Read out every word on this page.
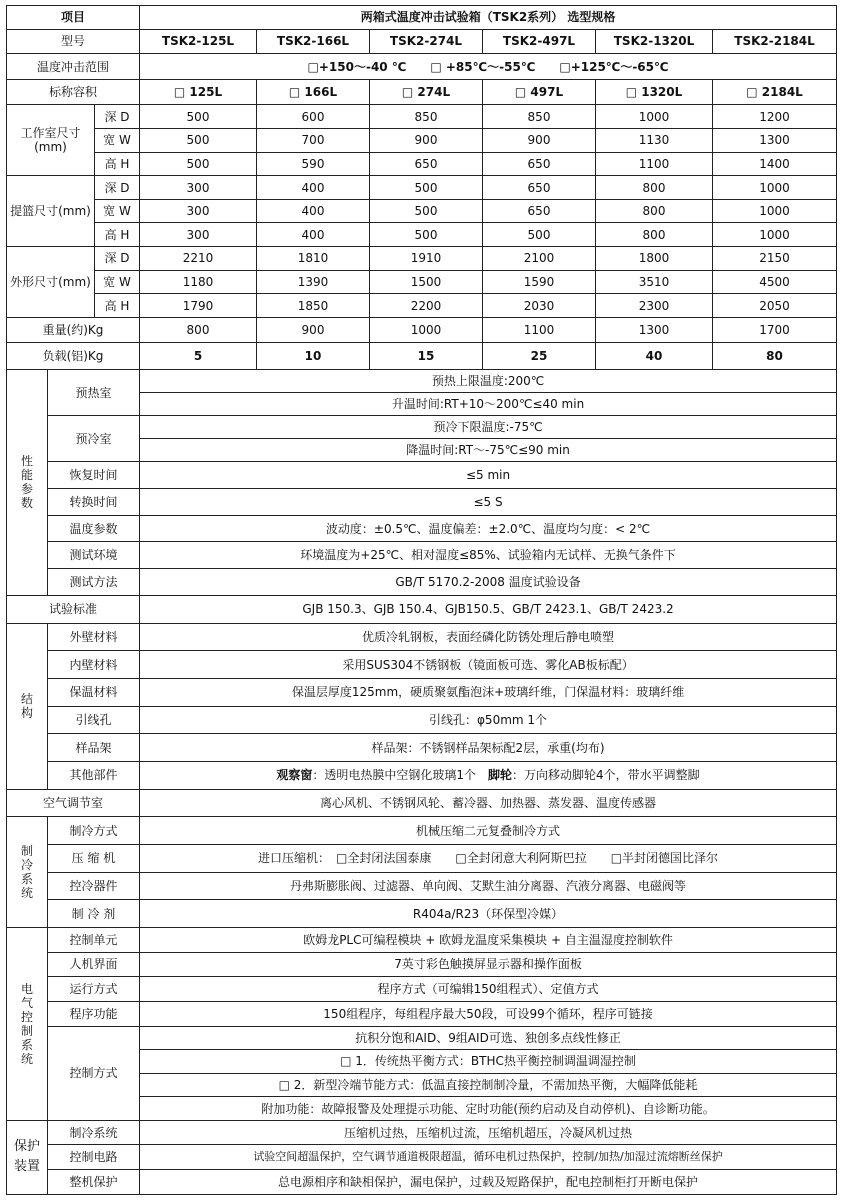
项目			两箱式温度冲击试验箱（TSK2系列） 选型规格					
型号			TSK2-125L	TSK2-166L	TSK2-274L	TSK2-497L	TSK2-1320L	TSK2-2184L
温度冲击范围			□+150～-40 ℃　　□ +85℃～-55℃　　□+125℃～-65℃					
标称容积			□ 125L	□ 166L	□ 274L	□ 497L	□ 1320L	□ 2184L
工作室尺寸(mm)		深 D	500	600	850	850	1000	1200
		宽 W	500	700	900	900	1130	1300
		高 H	500	590	650	650	1100	1400
提篮尺寸(mm)		深 D	300	400	500	650	800	1000
		宽 W	300	400	500	650	800	1000
		高 H	300	400	500	500	800	1000
外形尺寸(mm)		深 D	2210	1810	1910	2100	1800	2150
		宽 W	1180	1390	1500	1590	3510	4500
		高 H	1790	1850	2200	2030	2300	2050
重量(约)Kg			800	900	1000	1100	1300	1700
负载(铝)Kg			5	10	15	25	40	80
性能参数	预热室		预热上限温度:200℃					
			升温时间:RT+10～200℃≤40 min					
	预冷室		预冷下限温度:-75℃					
			降温时间:RT～-75℃≤90 min					
	恢复时间		≤5 min					
	转换时间		≤5 S					
	温度参数		波动度：±0.5℃、温度偏差：±2.0℃、温度均匀度：< 2℃					
	测试环境		环境温度为+25℃、相对湿度≤85%、试验箱内无试样、无换气条件下					
	测试方法		GB/T 5170.2-2008 温度试验设备					
试验标准			GJB 150.3、GJB 150.4、GJB150.5、GB/T 2423.1、GB/T 2423.2					
结构	外壁材料		优质冷轧钢板，表面经磷化防锈处理后静电喷塑					
	内壁材料		采用SUS304不锈钢板（镜面板可选、雾化AB板标配）					
	保温材料		保温层厚度125mm，硬质聚氨酯泡沫+玻璃纤维，门保温材料：玻璃纤维					
	引线孔		引线孔：φ50mm 1个					
	样品架		样品架：不锈钢样品架标配2层，承重(均布)					
	其他部件		观察窗：透明电热膜中空钢化玻璃1个　脚轮：万向移动脚轮4个，带水平调整脚					
空气调节室			离心风机、不锈钢风轮、蓄冷器、加热器、蒸发器、温度传感器					
制冷系统	制冷方式		机械压缩二元复叠制冷方式					
	压 缩 机		进口压缩机：　□全封闭法国泰康　　□全封闭意大利阿斯巴拉　　□半封闭德国比泽尔					
	控冷器件		丹弗斯膨胀阀、过滤器、单向阀、艾默生油分离器、汽液分离器、电磁阀等					
	制 冷 剂		R404a/R23（环保型冷媒）					
电气控制系统	控制单元		欧姆龙PLC可编程模块 + 欧姆龙温度采集模块 + 自主温湿度控制软件					
	人机界面		7英寸彩色触摸屏显示器和操作面板					
	运行方式		程序方式（可编辑150组程式）、定值方式					
	程序功能		150组程序，每组程序最大50段，可设99个循环，程序可链接					
	控制方式		抗积分饱和AID、9组AID可选、独创多点线性修正					
			□ 1．传统热平衡方式：BTHC热平衡控制调温调湿控制					
			□ 2．新型冷端节能方式：低温直接控制制冷量，不需加热平衡，大幅降低能耗					
			附加功能：故障报警及处理提示功能、定时功能(预约启动及自动停机)、自诊断功能。					
保护装置	制冷系统		压缩机过热，压缩机过流，压缩机超压，冷凝风机过热					
	控制电路		试验空间超温保护，空气调节通道极限超温，循环电机过热保护，控制/加热/加湿过流熔断丝保护					
	整机保护		总电源相序和缺相保护，漏电保护，过载及短路保护，配电控制柜打开断电保护					
